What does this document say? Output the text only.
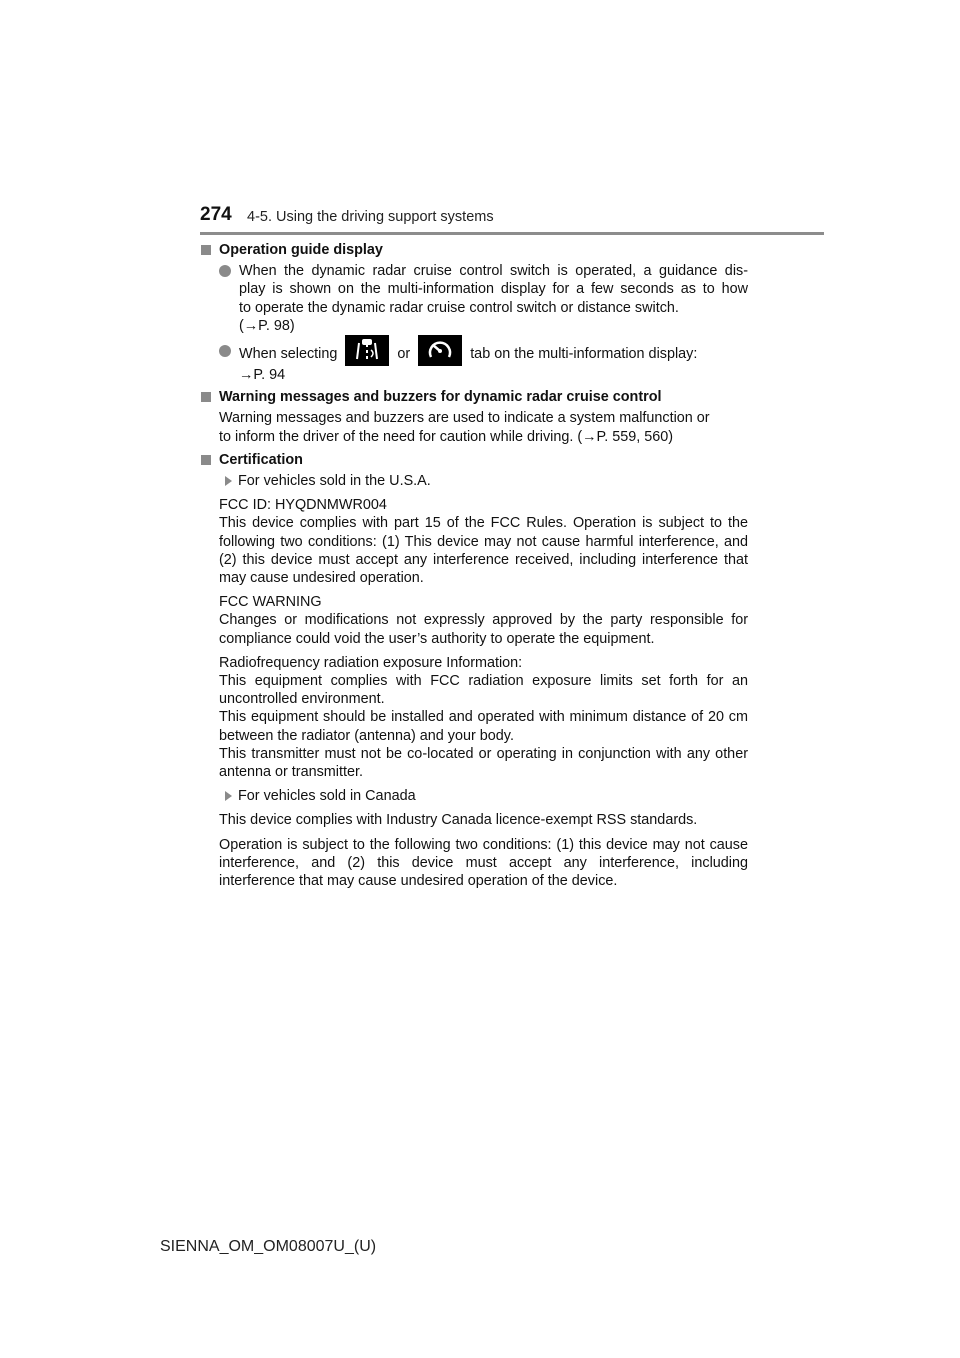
274 4-5. Using the driving support systems
Operation guide display

When the dynamic radar cruise control switch is operated, a guidance dis-

play is shown on the multi-information display for a few seconds as to how

to operate the dynamic radar cruise control switch or distance switch.

(→P. 98)

When selecting	or	tab on the multi-information display:

→P. 94

Warning messages and buzzers for dynamic radar cruise control

Warning messages and buzzers are used to indicate a system malfunction or

to inform the driver of the need for caution while driving. (→P. 559, 560)

Certification
For vehicles sold in the U.S.A.

FCC ID: HYQDNMWR004

This device complies with part 15 of the FCC Rules. Operation is subject to the following two conditions: (1) This device may not cause harmful interference, and (2) this device must accept any interference received, including interference that may cause undesired operation.

FCC WARNING

Changes or modifications not expressly approved by the party responsible for compliance could void the user’s authority to operate the equipment.

Radiofrequency radiation exposure Information:

This equipment complies with FCC radiation exposure limits set forth for an uncontrolled environment.

This equipment should be installed and operated with minimum distance of 20 cm between the radiator (antenna) and your body.

This transmitter must not be co-located or operating in conjunction with any other antenna or transmitter.

For vehicles sold in Canada

This device complies with Industry Canada licence-exempt RSS standards.

Operation is subject to the following two conditions: (1) this device may not cause interference, and (2) this device must accept any interference, including interference that may cause undesired operation of the device.

SIENNA_OM_OM08007U_(U)
